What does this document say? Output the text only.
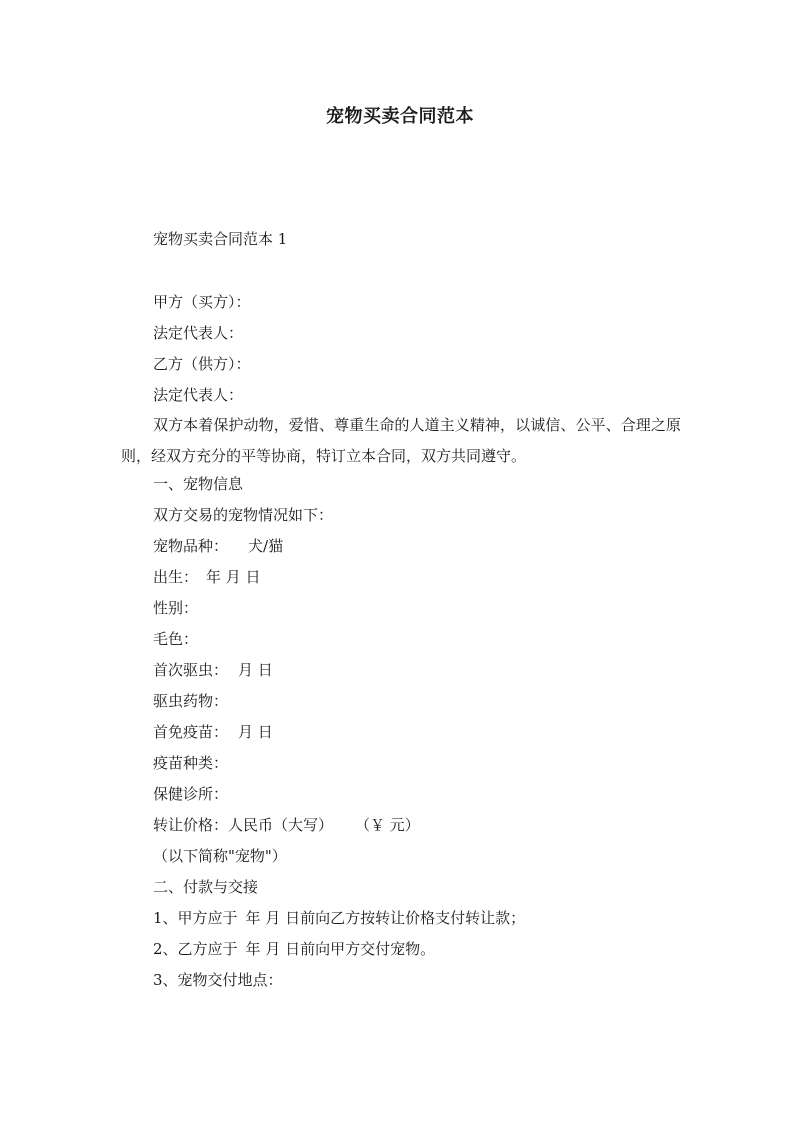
宠物买卖合同范本
宠物买卖合同范本 1
甲方（买方）：
法定代表人：
乙方（供方）：
法定代表人：

双方本着保护动物，爱惜、尊重生命的人道主义精神，以诚信、公平、合理之原则，经双方充分的平等协商，特订立本合同，双方共同遵守。

一、宠物信息
双方交易的宠物情况如下：
宠物品种： 犬/猫
出生： 年 月 日
性别：
毛色：
首次驱虫： 月 日
驱虫药物：
首免疫苗： 月 日
疫苗种类：
保健诊所：
转让价格：人民币（大写） （￥ 元）
（以下简称"宠物"）
二、付款与交接
1、甲方应于 年 月 日前向乙方按转让价格支付转让款；
2、乙方应于 年 月 日前向甲方交付宠物。
3、宠物交付地点：
